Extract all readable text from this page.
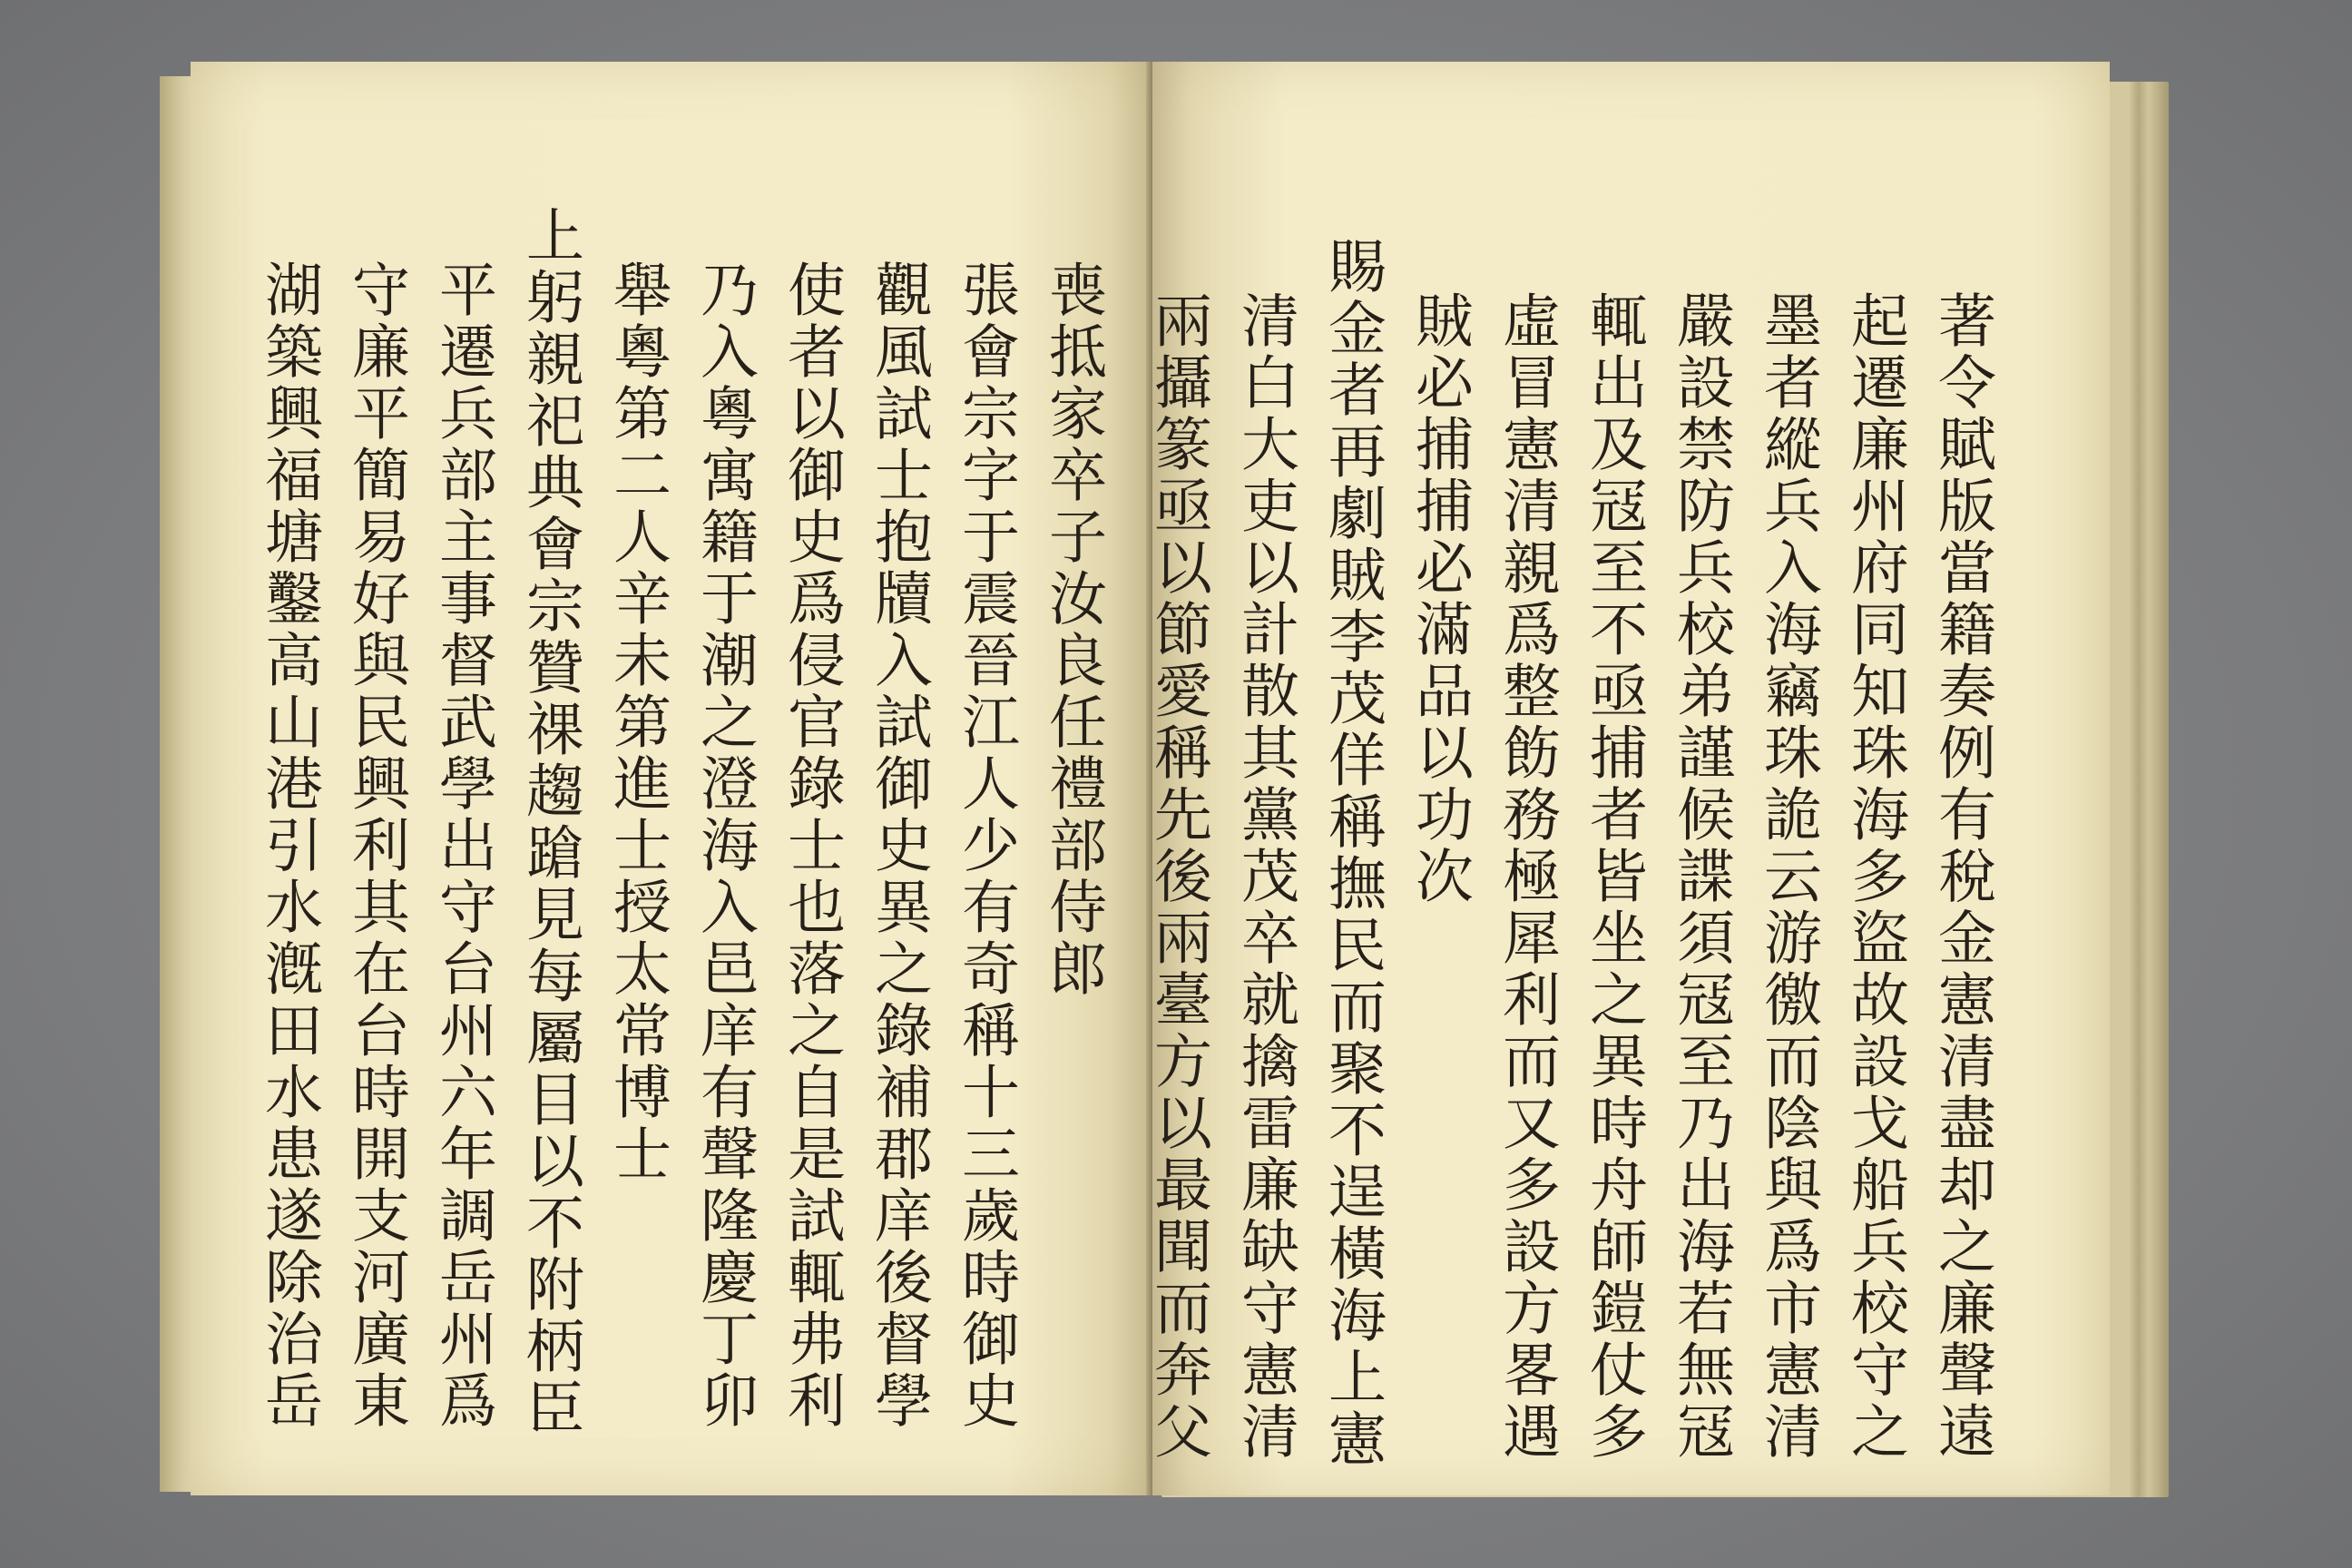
喪抵家卒子汝良任禮部侍郎
張會宗字于震晉江人少有奇稱十三歲時御史
觀風試士抱牘入試御史異之錄補郡庠後督學
使者以御史爲侵官錄士也落之自是試輒弗利
乃入粵寓籍于潮之澄海入邑庠有聲隆慶丁卯
舉粵第二人辛未第進士授太常博士
上躬親祀典會宗贊祼趨蹌見每屬目以不附柄臣
平遷兵部主事督武學出守台州六年調岳州爲
守廉平簡易好與民興利其在台時開支河廣東
湖築興福塘鑿高山港引水漑田水患遂除治岳	著令賦版當籍奏例有稅金憲清盡却之廉聲遠
起遷廉州府同知珠海多盜故設戈船兵校守之
墨者縱兵入海竊珠詭云游徼而陰與爲市憲清
嚴設禁防兵校弟謹候諜須冦至乃出海若無冦
輒出及冦至不亟捕者皆坐之異時舟師鎧仗多
虛冒憲清親爲整飭務極犀利而又多設方畧遇
賊必捕捕必滿品以功次
賜金者再劇賊李茂佯稱撫民而聚不逞橫海上憲
清白大吏以計散其黨茂卒就擒雷廉缺守憲清
兩攝篆亟以節愛稱先後兩臺方以最聞而奔父
